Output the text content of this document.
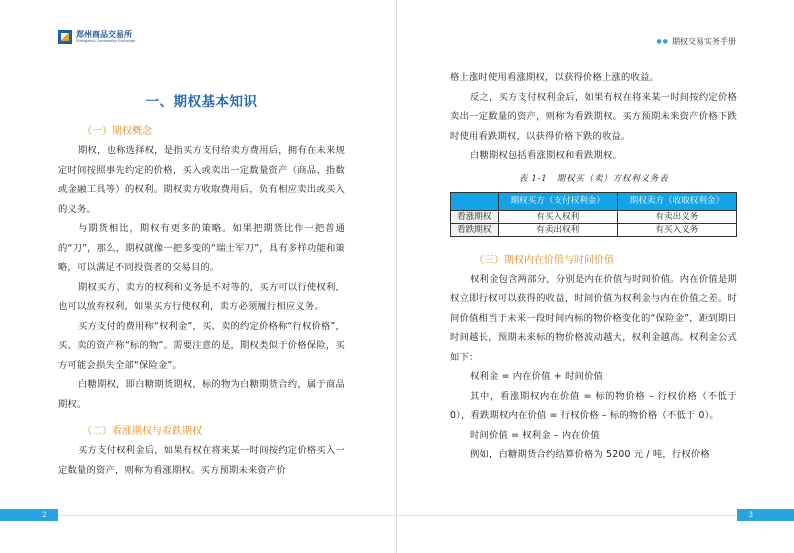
郑州商品交易所
Zhengzhou Commodity Exchange
一、期权基本知识
（一）期权概念

期权，也称选择权，是指买方支付给卖方费用后，拥有在未来规定时间按照事先约定的价格，买入或卖出一定数量资产（商品、指数或金融工具等）的权利。期权卖方收取费用后，负有相应卖出或买入的义务。

与期货相比，期权有更多的策略。如果把期货比作一把普通的“刀”，那么，期权就像一把多变的“瑞士军刀”，具有多样功能和策略，可以满足不同投资者的交易目的。

期权买方、卖方的权利和义务是不对等的，买方可以行使权利，也可以放弃权利，如果买方行使权利，卖方必须履行相应义务。

买方支付的费用称“权利金”，买、卖的约定价格称“行权价格”，买、卖的资产称“标的物”。需要注意的是，期权类似于价格保险，买方可能会损失全部“保险金”。

白糖期权，即白糖期货期权，标的物为白糖期货合约，属于商品期权。

（二）看涨期权与看跌期权

买方支付权利金后，如果有权在将来某一时间按约定价格买入一定数量的资产，则称为看涨期权。买方预期未来资产价

2
●● 期权交易实务手册

格上涨时使用看涨期权，以获得价格上涨的收益。

反之，买方支付权利金后，如果有权在将来某一时间按约定价格卖出一定数量的资产，则称为看跌期权。买方预期未来资产价格下跌时使用看跌期权，以获得价格下跌的收益。

白糖期权包括看涨期权和看跌期权。

表 1-1　期权买（卖）方权利义务表
	期权买方（支付权利金）	期权卖方（收取权利金）
看涨期权	有买入权利	有卖出义务
看跌期权	有卖出权利	有买入义务
（三）期权内在价值与时间价值

权利金包含两部分，分别是内在价值与时间价值。内在价值是期权立即行权可以获得的收益，时间价值为权利金与内在价值之差。时间价值相当于未来一段时间内标的物价格变化的“保险金”，距到期日时间越长，预期未来标的物价格波动越大，权利金越高。权利金公式如下：

权利金 = 内在价值 + 时间价值

其中，看涨期权内在价值 = 标的物价格 – 行权价格（不低于 0），看跌期权内在价值 = 行权价格 – 标的物价格（不低于 0）。

时间价值 = 权利金 – 内在价值

例如，白糖期货合约结算价格为 5200 元 / 吨，行权价格

3
